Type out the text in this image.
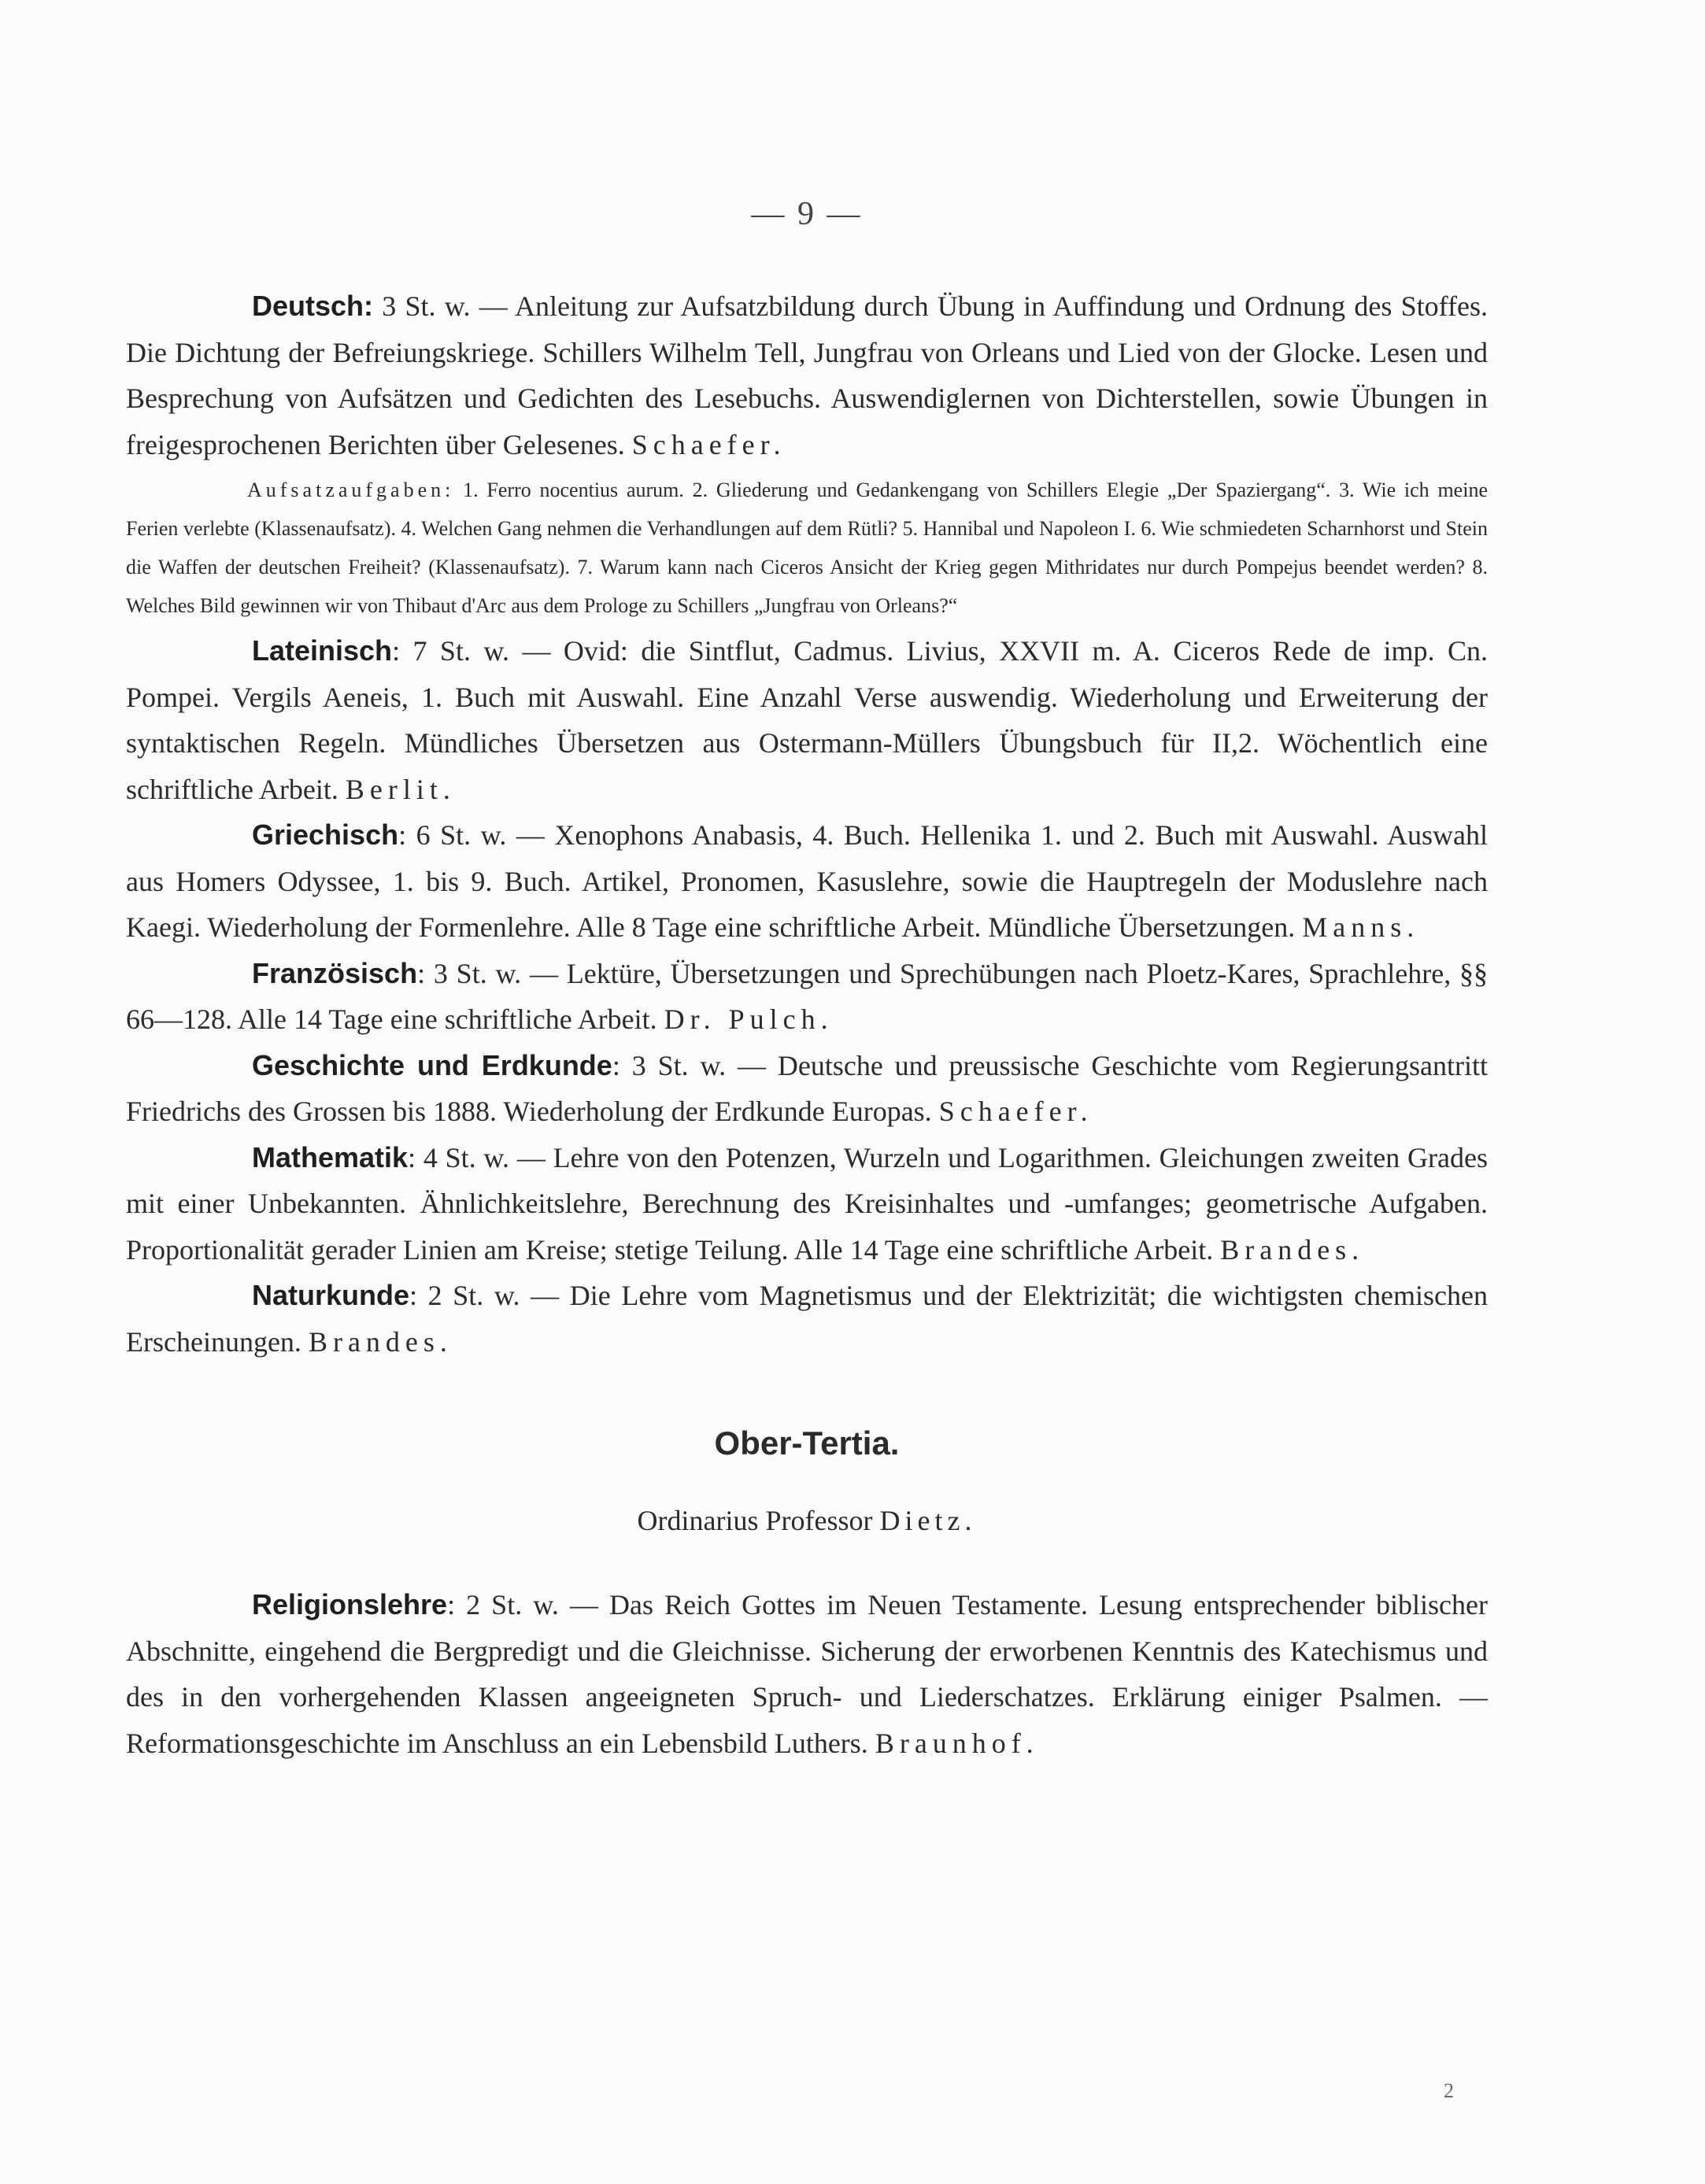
— 9 —

Deutsch: 3 St. w. — Anleitung zur Aufsatzbildung durch Übung in Auffindung und Ordnung des Stoffes. Die Dichtung der Befreiungskriege. Schillers Wilhelm Tell, Jungfrau von Orleans und Lied von der Glocke. Lesen und Besprechung von Aufsätzen und Gedichten des Lesebuchs. Auswendiglernen von Dichterstellen, sowie Übungen in freigesprochenen Berichten über Gelesenes. Schaefer.

Aufsatzaufgaben: 1. Ferro nocentius aurum. 2. Gliederung und Gedankengang von Schillers Elegie „Der Spaziergang“. 3. Wie ich meine Ferien verlebte (Klassenaufsatz). 4. Welchen Gang nehmen die Verhandlungen auf dem Rütli? 5. Hannibal und Napoleon I. 6. Wie schmiedeten Scharnhorst und Stein die Waffen der deutschen Freiheit? (Klassenaufsatz). 7. Warum kann nach Ciceros Ansicht der Krieg gegen Mithridates nur durch Pompejus beendet werden? 8. Welches Bild gewinnen wir von Thibaut d'Arc aus dem Prologe zu Schillers „Jungfrau von Orleans?“

Lateinisch: 7 St. w. — Ovid: die Sintflut, Cadmus. Livius, XXVII m. A. Ciceros Rede de imp. Cn. Pompei. Vergils Aeneis, 1. Buch mit Auswahl. Eine Anzahl Verse auswendig. Wiederholung und Erweiterung der syntaktischen Regeln. Mündliches Übersetzen aus Ostermann-Müllers Übungsbuch für II,2. Wöchentlich eine schriftliche Arbeit. Berlit.

Griechisch: 6 St. w. — Xenophons Anabasis, 4. Buch. Hellenika 1. und 2. Buch mit Auswahl. Auswahl aus Homers Odyssee, 1. bis 9. Buch. Artikel, Pronomen, Kasuslehre, sowie die Hauptregeln der Moduslehre nach Kaegi. Wiederholung der Formenlehre. Alle 8 Tage eine schriftliche Arbeit. Mündliche Übersetzungen. Manns.

Französisch: 3 St. w. — Lektüre, Übersetzungen und Sprechübungen nach Ploetz-Kares, Sprachlehre, §§ 66—128. Alle 14 Tage eine schriftliche Arbeit. Dr. Pulch.

Geschichte und Erdkunde: 3 St. w. — Deutsche und preussische Geschichte vom Regierungsantritt Friedrichs des Grossen bis 1888. Wiederholung der Erdkunde Europas. Schaefer.

Mathematik: 4 St. w. — Lehre von den Potenzen, Wurzeln und Logarithmen. Gleichungen zweiten Grades mit einer Unbekannten. Ähnlichkeitslehre, Berechnung des Kreisinhaltes und -umfanges; geometrische Aufgaben. Proportionalität gerader Linien am Kreise; stetige Teilung. Alle 14 Tage eine schriftliche Arbeit. Brandes.

Naturkunde: 2 St. w. — Die Lehre vom Magnetismus und der Elektrizität; die wichtigsten chemischen Erscheinungen. Brandes.

Ober-Tertia.

Ordinarius Professor Dietz.

Religionslehre: 2 St. w. — Das Reich Gottes im Neuen Testamente. Lesung entsprechender biblischer Abschnitte, eingehend die Bergpredigt und die Gleichnisse. Sicherung der erworbenen Kenntnis des Katechismus und des in den vorhergehenden Klassen angeeigneten Spruch- und Liederschatzes. Erklärung einiger Psalmen. — Reformationsgeschichte im Anschluss an ein Lebensbild Luthers. Braunhof.

2
